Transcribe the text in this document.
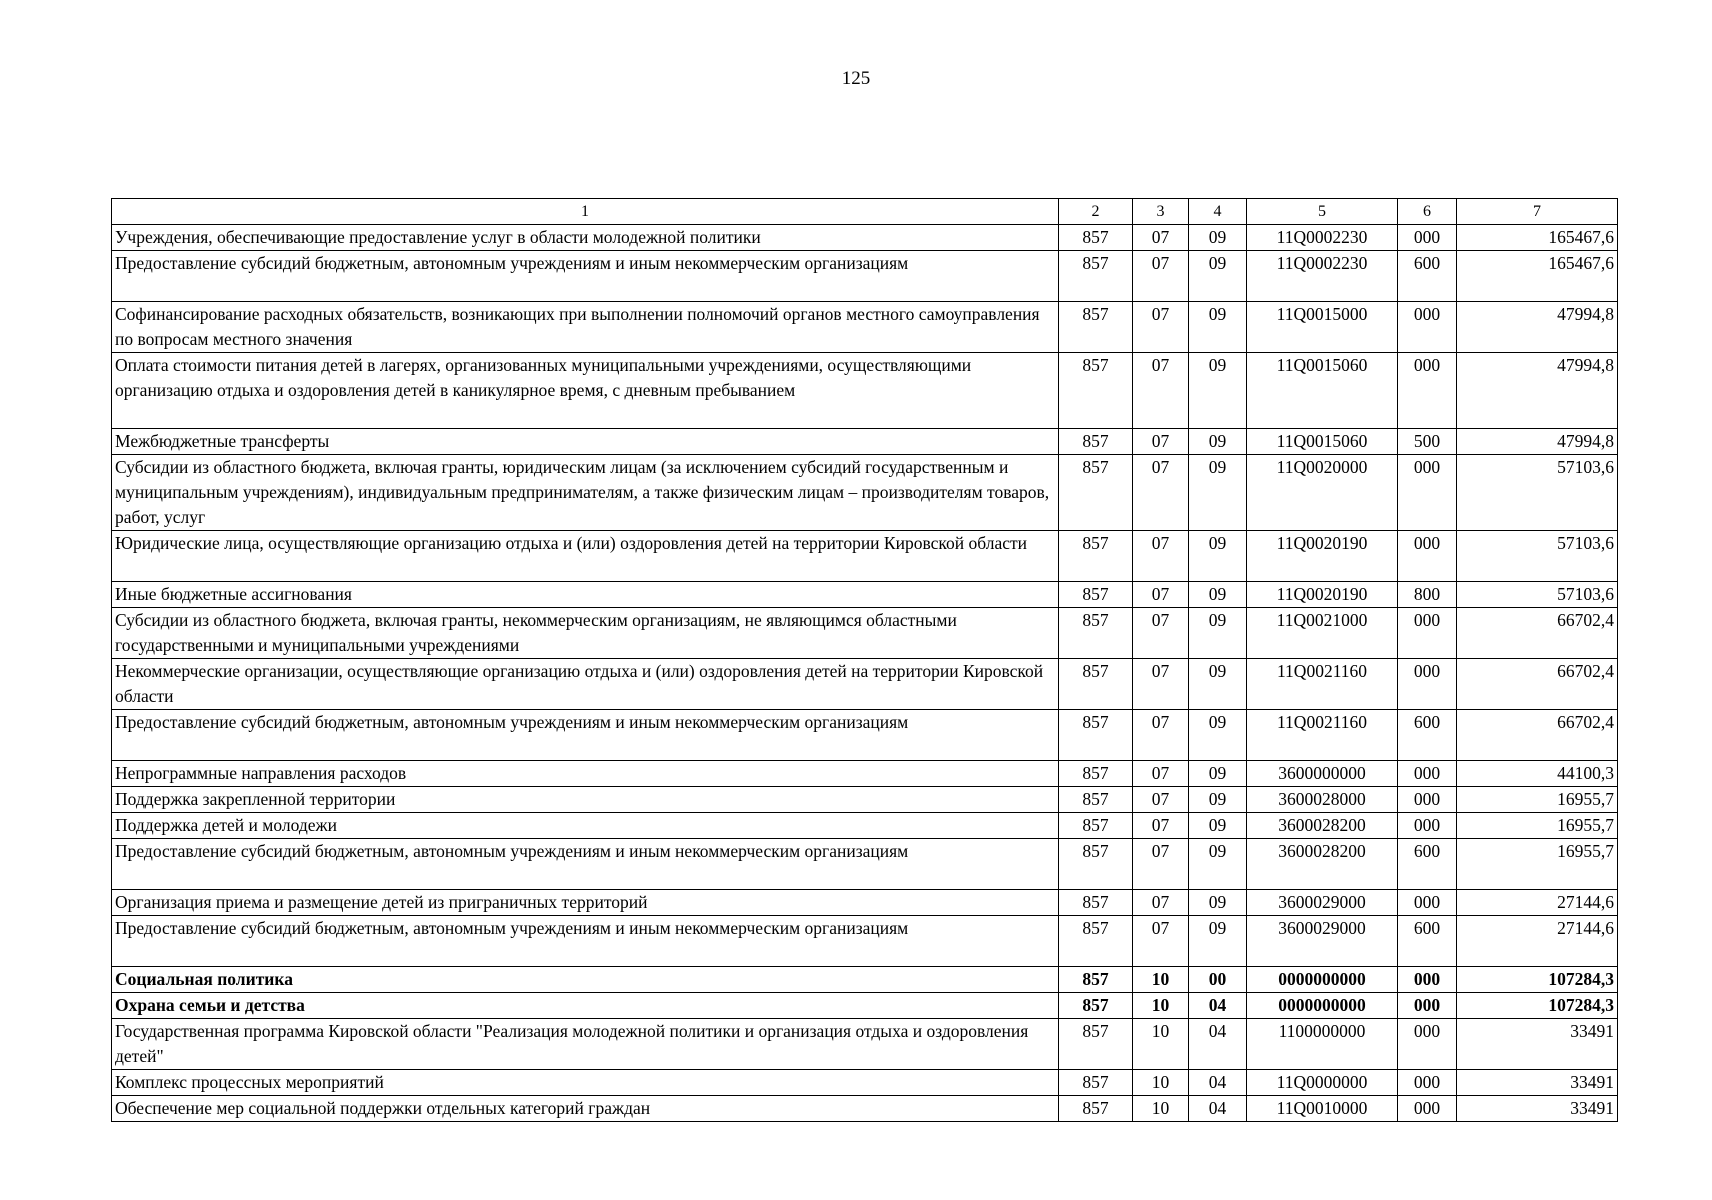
125
1	2	3	4	5	6	7
Учреждения, обеспечивающие предоставление услуг в области молодежной политики	857	07	09	11Q0002230	000	165467,6
Предоставление субсидий бюджетным, автономным учреждениям и иным некоммерческим организациям	857	07	09	11Q0002230	600	165467,6
Софинансирование расходных обязательств, возникающих при выполнении полномочий органов местного самоуправления по вопросам местного значения	857	07	09	11Q0015000	000	47994,8
Оплата стоимости питания детей в лагерях, организованных муниципальными учреждениями, осуществляющими организацию отдыха и оздоровления детей в каникулярное время, с дневным пребыванием	857	07	09	11Q0015060	000	47994,8
Межбюджетные трансферты	857	07	09	11Q0015060	500	47994,8
Субсидии из областного бюджета, включая гранты, юридическим лицам (за исключением субсидий государственным и муниципальным учреждениям), индивидуальным предпринимателям, а также физическим лицам – производителям товаров, работ, услуг	857	07	09	11Q0020000	000	57103,6
Юридические лица, осуществляющие организацию отдыха и (или) оздоровления детей на территории Кировской области	857	07	09	11Q0020190	000	57103,6
Иные бюджетные ассигнования	857	07	09	11Q0020190	800	57103,6
Субсидии из областного бюджета, включая гранты, некоммерческим организациям, не являющимся областными государственными и муниципальными учреждениями	857	07	09	11Q0021000	000	66702,4
Некоммерческие организации, осуществляющие организацию отдыха и (или) оздоровления детей на территории Кировской области	857	07	09	11Q0021160	000	66702,4
Предоставление субсидий бюджетным, автономным учреждениям и иным некоммерческим организациям	857	07	09	11Q0021160	600	66702,4
Непрограммные направления расходов	857	07	09	3600000000	000	44100,3
Поддержка закрепленной территории	857	07	09	3600028000	000	16955,7
Поддержка детей и молодежи	857	07	09	3600028200	000	16955,7
Предоставление субсидий бюджетным, автономным учреждениям и иным некоммерческим организациям	857	07	09	3600028200	600	16955,7
Организация приема и размещение детей из приграничных территорий	857	07	09	3600029000	000	27144,6
Предоставление субсидий бюджетным, автономным учреждениям и иным некоммерческим организациям	857	07	09	3600029000	600	27144,6
Социальная политика	857	10	00	0000000000	000	107284,3
Охрана семьи и детства	857	10	04	0000000000	000	107284,3
Государственная программа Кировской области "Реализация молодежной политики и организация отдыха и оздоровления детей"	857	10	04	1100000000	000	33491
Комплекс процессных мероприятий	857	10	04	11Q0000000	000	33491
Обеспечение мер социальной поддержки отдельных категорий граждан	857	10	04	11Q0010000	000	33491
